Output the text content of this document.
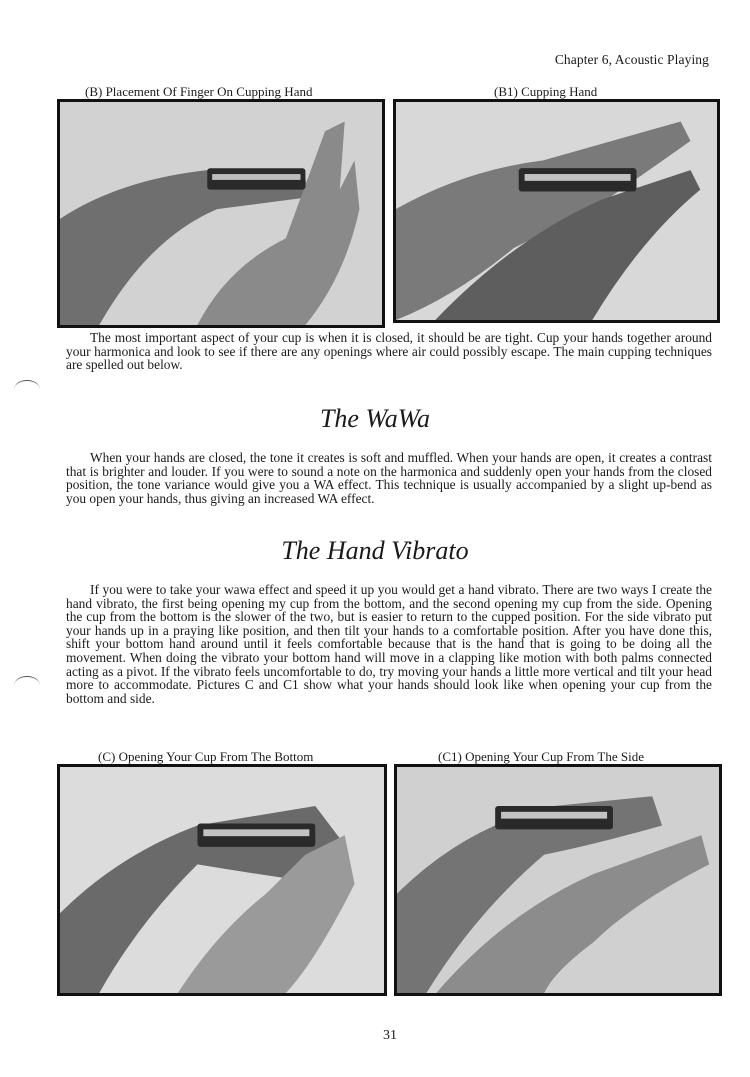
Chapter 6, Acoustic Playing
(B) Placement Of Finger On Cupping Hand	(B1) Cupping Hand

The most important aspect of your cup is when it is closed, it should be are tight. Cup your hands together around your harmonica and look to see if there are any openings where air could possibly escape. The main cupping techniques are spelled out below.

The WaWa

When your hands are closed, the tone it creates is soft and muffled. When your hands are open, it creates a contrast that is brighter and louder. If you were to sound a note on the harmonica and suddenly open your hands from the closed position, the tone variance would give you a WA effect. This technique is usually accompanied by a slight up-bend as you open your hands, thus giving an increased WA effect.

The Hand Vibrato

If you were to take your wawa effect and speed it up you would get a hand vibrato. There are two ways I create the hand vibrato, the first being opening my cup from the bottom, and the second opening my cup from the side. Opening the cup from the bottom is the slower of the two, but is easier to return to the cupped position. For the side vibrato put your hands up in a praying like position, and then tilt your hands to a comfortable position. After you have done this, shift your bottom hand around until it feels comfortable because that is the hand that is going to be doing all the movement. When doing the vibrato your bottom hand will move in a clapping like motion with both palms connected acting as a pivot. If the vibrato feels uncomfortable to do, try moving your hands a little more vertical and tilt your head more to accommodate. Pictures C and C1 show what your hands should look like when opening your cup from the bottom and side.

(C) Opening Your Cup From The Bottom	(C1) Opening Your Cup From The Side
31
